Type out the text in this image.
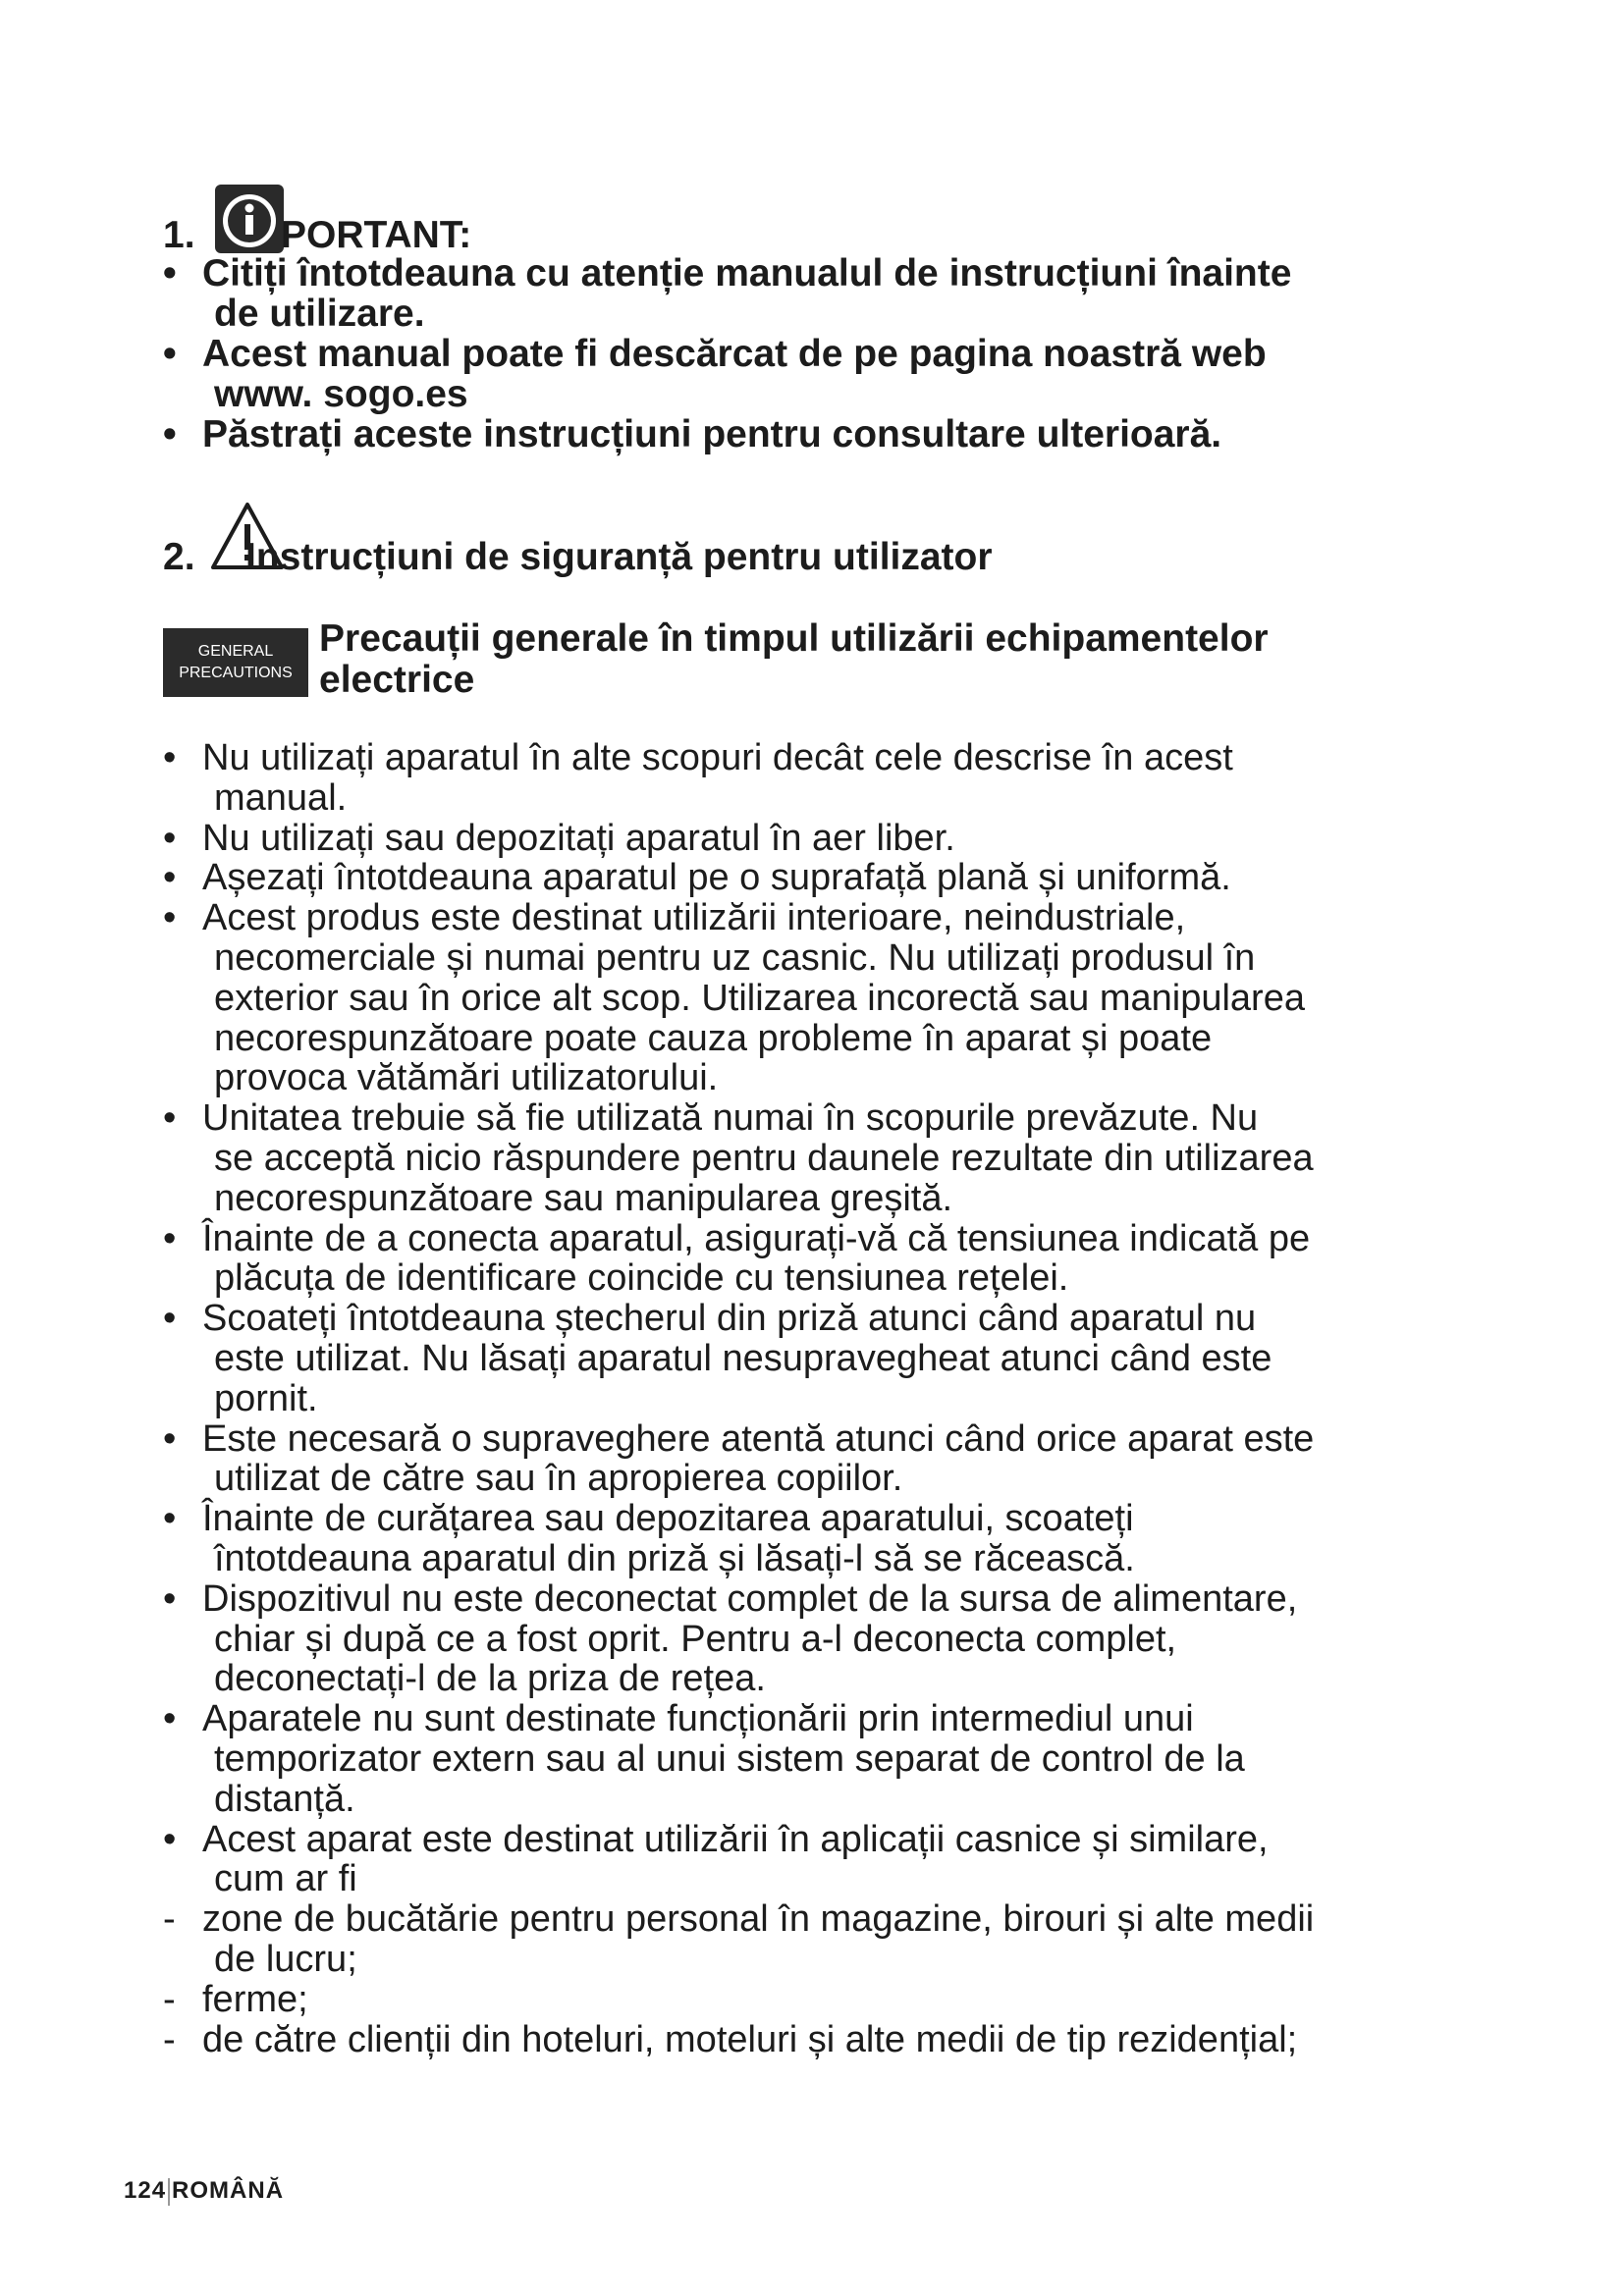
1. PORTANT:
• Citiți întotdeauna cu atenție manualul de instrucțiuni înainte
de utilizare.
• Acest manual poate fi descărcat de pe pagina noastră web
www. sogo.es
• Păstrați aceste instrucțiuni pentru consultare ulterioară.
2. Instrucțiuni de siguranță pentru utilizator
GENERAL
PRECAUTIONS
Precauții generale în timpul utilizării echipamentelor
electrice
• Nu utilizați aparatul în alte scopuri decât cele descrise în acest
manual.
• Nu utilizați sau depozitați aparatul în aer liber.
• Așezați întotdeauna aparatul pe o suprafață plană și uniformă.
• Acest produs este destinat utilizării interioare, neindustriale,
necomerciale și numai pentru uz casnic. Nu utilizați produsul în
exterior sau în orice alt scop. Utilizarea incorectă sau manipularea
necorespunzătoare poate cauza probleme în aparat și poate
provoca vătămări utilizatorului.
• Unitatea trebuie să fie utilizată numai în scopurile prevăzute. Nu
se acceptă nicio răspundere pentru daunele rezultate din utilizarea
necorespunzătoare sau manipularea greșită.
• Înainte de a conecta aparatul, asigurați-vă că tensiunea indicată pe
plăcuța de identificare coincide cu tensiunea rețelei.
• Scoateți întotdeauna ștecherul din priză atunci când aparatul nu
este utilizat. Nu lăsați aparatul nesupravegheat atunci când este
pornit.
• Este necesară o supraveghere atentă atunci când orice aparat este
utilizat de către sau în apropierea copiilor.
• Înainte de curățarea sau depozitarea aparatului, scoateți
întotdeauna aparatul din priză și lăsați-l să se răcească.
• Dispozitivul nu este deconectat complet de la sursa de alimentare,
chiar și după ce a fost oprit. Pentru a-l deconecta complet,
deconectați-l de la priza de rețea.
• Aparatele nu sunt destinate funcționării prin intermediul unui
temporizator extern sau al unui sistem separat de control de la
distanță.
• Acest aparat este destinat utilizării în aplicații casnice și similare,
cum ar fi
- zone de bucătărie pentru personal în magazine, birouri și alte medii
de lucru;
- ferme;
- de către clienții din hoteluri, moteluri și alte medii de tip rezidențial;
124 ROMÂNĂ
